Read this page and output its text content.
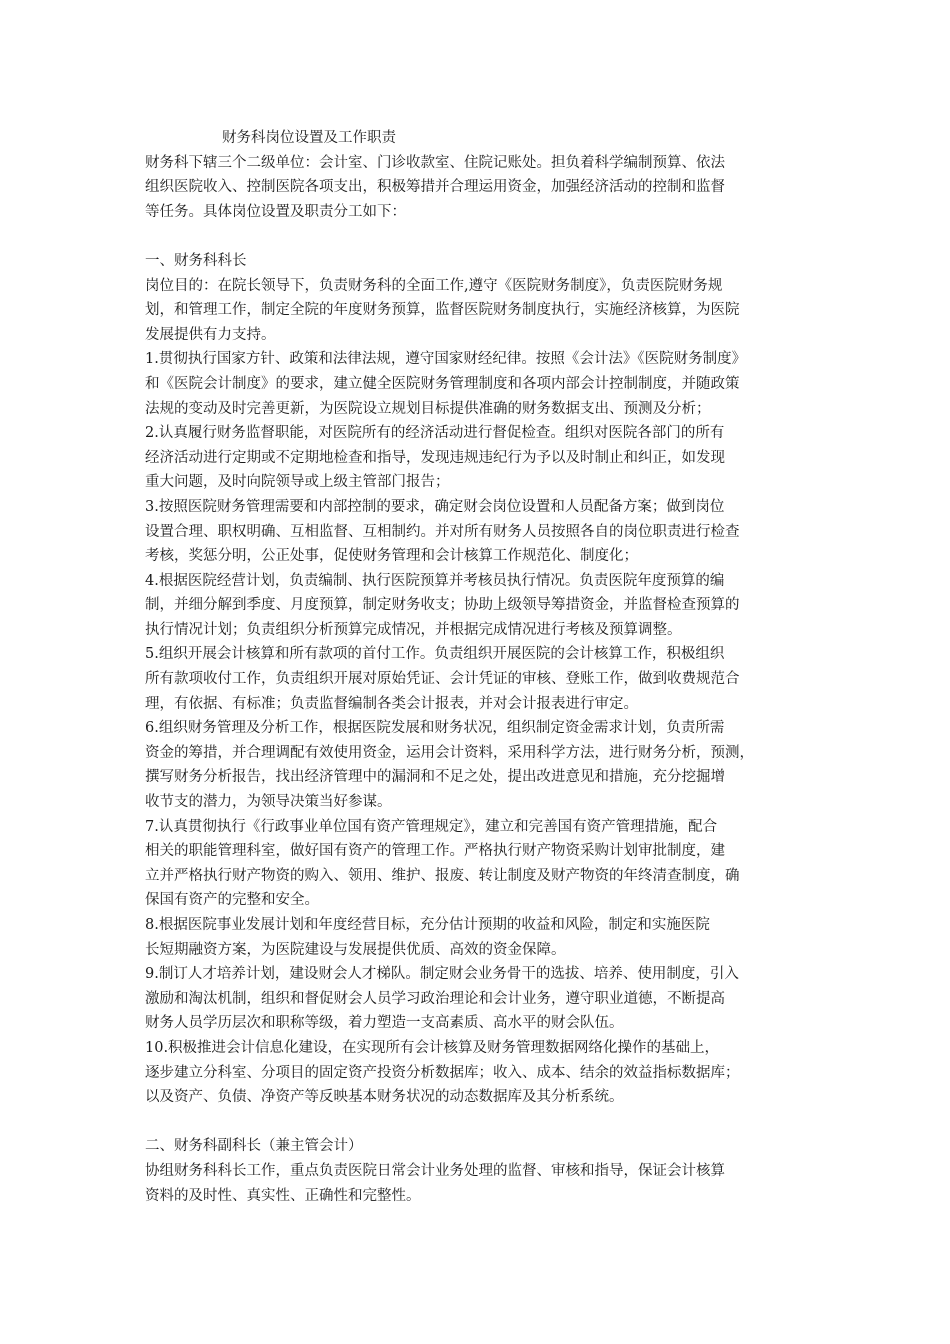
财务科岗位设置及工作职责
财务科下辖三个二级单位：会计室、门诊收款室、住院记账处。担负着科学编制预算、依法
组织医院收入、控制医院各项支出，积极筹措并合理运用资金，加强经济活动的控制和监督
等任务。具体岗位设置及职责分工如下：
一、财务科科长
岗位目的：在院长领导下，负责财务科的全面工作,遵守《医院财务制度》，负责医院财务规
划，和管理工作，制定全院的年度财务预算，监督医院财务制度执行，实施经济核算，为医院
发展提供有力支持。
1.贯彻执行国家方针、政策和法律法规，遵守国家财经纪律。按照《会计法》《医院财务制度》
和《医院会计制度》的要求，建立健全医院财务管理制度和各项内部会计控制制度，并随政策
法规的变动及时完善更新，为医院设立规划目标提供准确的财务数据支出、预测及分析；
2.认真履行财务监督职能，对医院所有的经济活动进行督促检查。组织对医院各部门的所有
经济活动进行定期或不定期地检查和指导，发现违规违纪行为予以及时制止和纠正，如发现
重大问题，及时向院领导或上级主管部门报告；
3.按照医院财务管理需要和内部控制的要求，确定财会岗位设置和人员配备方案；做到岗位
设置合理、职权明确、互相监督、互相制约。并对所有财务人员按照各自的岗位职责进行检查
考核，奖惩分明，公正处事，促使财务管理和会计核算工作规范化、制度化；
4.根据医院经营计划，负责编制、执行医院预算并考核员执行情况。负责医院年度预算的编
制，并细分解到季度、月度预算，制定财务收支；协助上级领导筹措资金，并监督检查预算的
执行情况计划；负责组织分析预算完成情况，并根据完成情况进行考核及预算调整。
5.组织开展会计核算和所有款项的首付工作。负责组织开展医院的会计核算工作，积极组织
所有款项收付工作，负责组织开展对原始凭证、会计凭证的审核、登账工作，做到收费规范合
理，有依据、有标准；负责监督编制各类会计报表，并对会计报表进行审定。
6.组织财务管理及分析工作，根据医院发展和财务状况，组织制定资金需求计划，负责所需
资金的筹措，并合理调配有效使用资金，运用会计资料，采用科学方法，进行财务分析，预测，
撰写财务分析报告，找出经济管理中的漏洞和不足之处，提出改进意见和措施，充分挖掘增
收节支的潜力，为领导决策当好参谋。
7.认真贯彻执行《行政事业单位国有资产管理规定》，建立和完善国有资产管理措施，配合
相关的职能管理科室，做好国有资产的管理工作。严格执行财产物资采购计划审批制度，建
立并严格执行财产物资的购入、领用、维护、报废、转让制度及财产物资的年终清查制度，确
保国有资产的完整和安全。
8.根据医院事业发展计划和年度经营目标，充分估计预期的收益和风险，制定和实施医院
长短期融资方案，为医院建设与发展提供优质、高效的资金保障。
9.制订人才培养计划，建设财会人才梯队。制定财会业务骨干的选拔、培养、使用制度，引入
激励和淘汰机制，组织和督促财会人员学习政治理论和会计业务，遵守职业道德，不断提高
财务人员学历层次和职称等级，着力塑造一支高素质、高水平的财会队伍。
10.积极推进会计信息化建设，在实现所有会计核算及财务管理数据网络化操作的基础上，
逐步建立分科室、分项目的固定资产投资分析数据库；收入、成本、结余的效益指标数据库；
以及资产、负债、净资产等反映基本财务状况的动态数据库及其分析系统。
二、财务科副科长（兼主管会计）
协组财务科科长工作，重点负责医院日常会计业务处理的监督、审核和指导，保证会计核算
资料的及时性、真实性、正确性和完整性。
